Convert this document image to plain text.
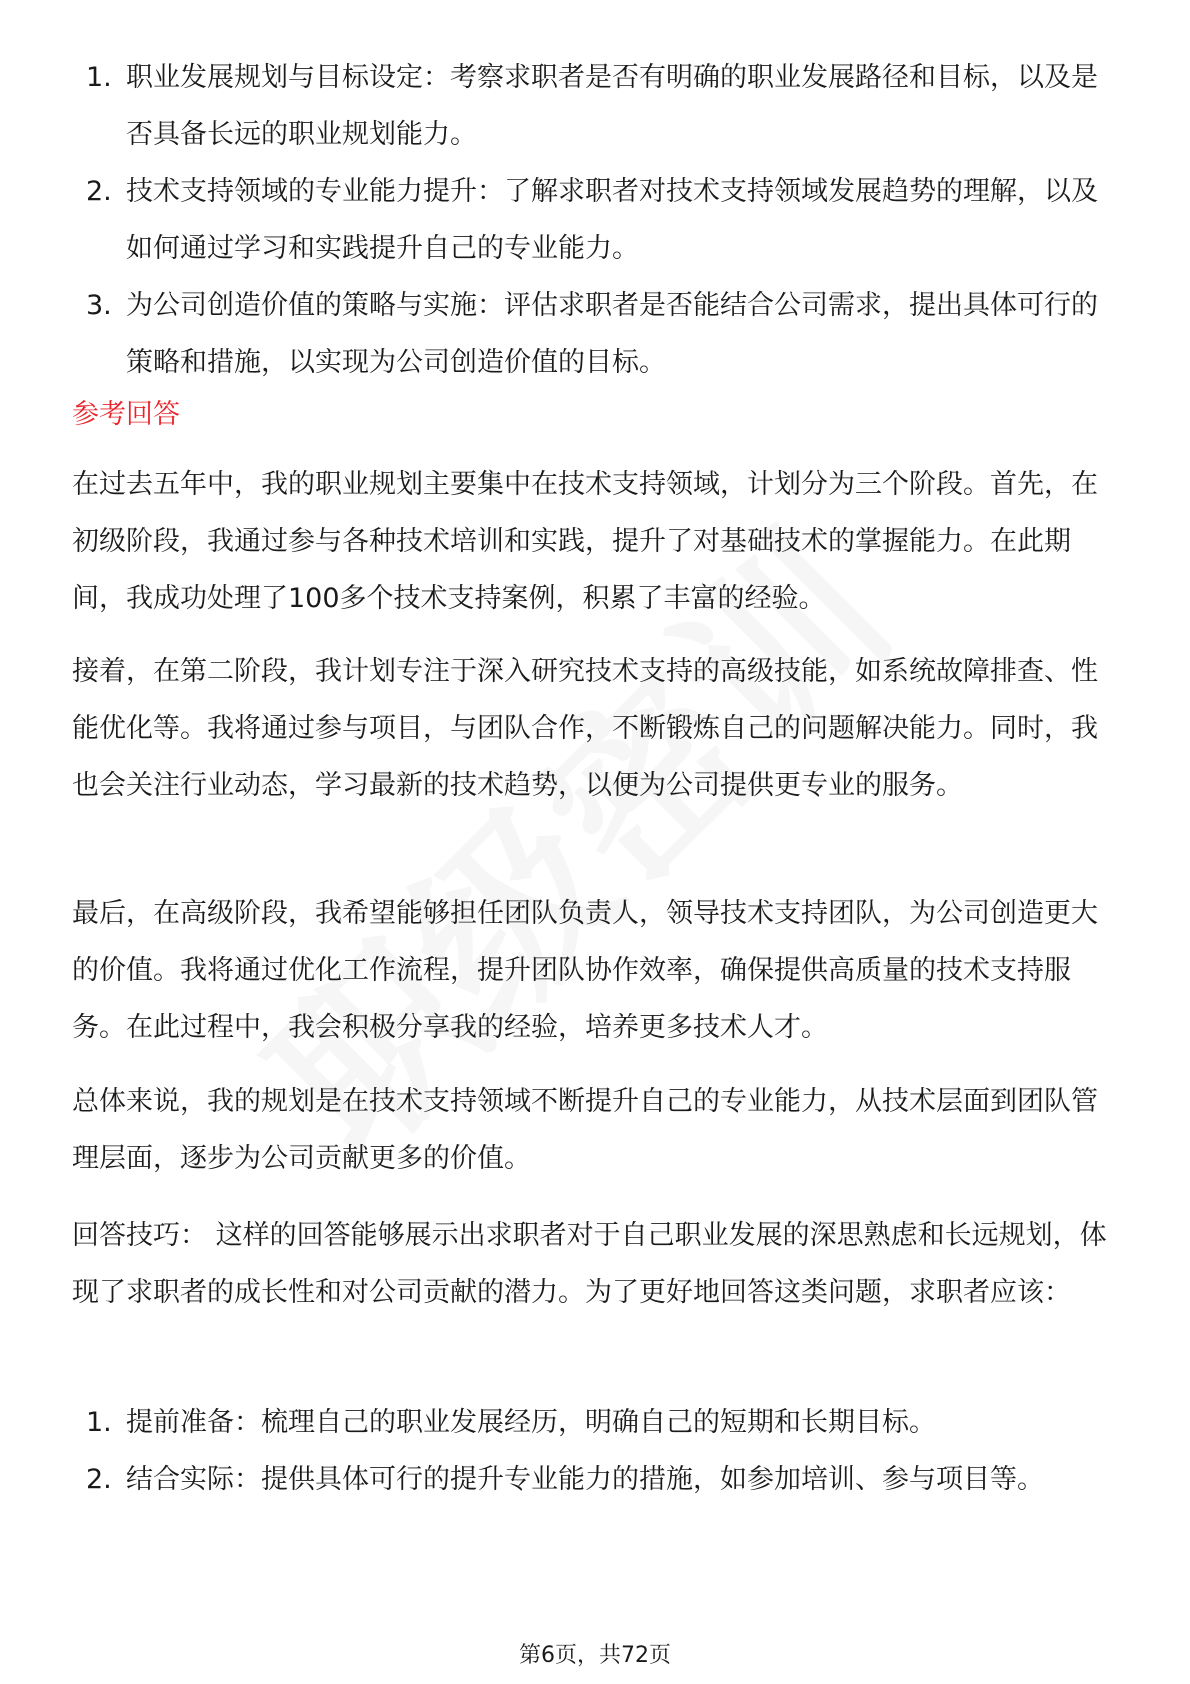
1. 职业发展规划与目标设定：考察求职者是否有明确的职业发展路径和目标，以及是否具备长远的职业规划能力。
2. 技术支持领域的专业能力提升：了解求职者对技术支持领域发展趋势的理解，以及如何通过学习和实践提升自己的专业能力。
3. 为公司创造价值的策略与实施：评估求职者是否能结合公司需求，提出具体可行的策略和措施，以实现为公司创造价值的目标。
参考回答

在过去五年中，我的职业规划主要集中在技术支持领域，计划分为三个阶段。首先，在初级阶段，我通过参与各种技术培训和实践，提升了对基础技术的掌握能力。在此期间，我成功处理了100多个技术支持案例，积累了丰富的经验。

接着，在第二阶段，我计划专注于深入研究技术支持的高级技能，如系统故障排查、性能优化等。我将通过参与项目，与团队合作，不断锻炼自己的问题解决能力。同时，我也会关注行业动态，学习最新的技术趋势，以便为公司提供更专业的服务。

最后，在高级阶段，我希望能够担任团队负责人，领导技术支持团队，为公司创造更大的价值。我将通过优化工作流程，提升团队协作效率，确保提供高质量的技术支持服务。在此过程中，我会积极分享我的经验，培养更多技术人才。

总体来说，我的规划是在技术支持领域不断提升自己的专业能力，从技术层面到团队管理层面，逐步为公司贡献更多的价值。

回答技巧： 这样的回答能够展示出求职者对于自己职业发展的深思熟虑和长远规划，体现了求职者的成长性和对公司贡献的潜力。为了更好地回答这类问题，求职者应该：

1. 提前准备：梳理自己的职业发展经历，明确自己的短期和长期目标。
2. 结合实际：提供具体可行的提升专业能力的措施，如参加培训、参与项目等。
第6页，共72页
